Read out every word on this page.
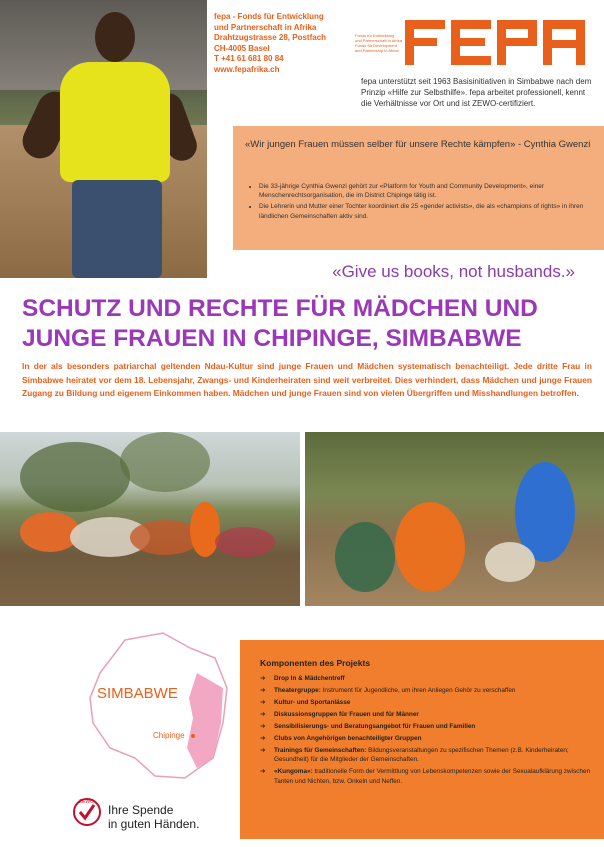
fepa - Fonds für Entwicklung
und Partnerschaft in Afrika
Drahtzugstrasse 28, Postfach
CH-4005 Basel
T +41 61 681 80 84
www.fepafrika.ch
Fonds für Entwicklung
und Partnerschaft in Afrika
Fondo für Development
and Partnership in Africa
fepa unterstützt seit 1963 Basisinitiativen in Simbabwe nach dem Prinzip «Hilfe zur Selbsthilfe». fepa arbeitet professionell, kennt die Verhältnisse vor Ort und ist ZEWO-certifiziert.
«Wir jungen Frauen müssen selber für unsere Rechte kämpfen» - Cynthia Gwenzi
• Die 33-jährige Cynthia Gwenzi gehört zur «Platform for Youth and Community Development», einer Menschenrechtsorganisation, die im District Chipinge tätig ist.
• Die Lehrerin und Mutter einer Tochter koordiniert die 25 «gender activists», die als «champions of rights» in ihren ländlichen Gemeinschaften aktiv sind.
«Give us books, not husbands.»
SCHUTZ UND RECHTE FÜR MÄDCHEN UND
JUNGE FRAUEN IN CHIPINGE, SIMBABWE
In der als besonders patriarchal geltenden Ndau-Kultur sind junge Frauen und Mädchen systematisch benachteiligt. Jede dritte Frau in Simbabwe heiratet vor dem 18. Lebensjahr, Zwangs- und Kinderheiraten sind weit verbreitet. Dies verhindert, dass Mädchen und junge Frauen Zugang zu Bildung und eigenem Einkommen haben. Mädchen und junge Frauen sind von vielen Übergriffen und Misshandlungen betroffen.
SIMBABWE
Chipinge
ZEWO
Ihre Spende
in guten Händen.
Komponenten des Projekts
➜ Drop In & Mädchentreff
➜ Theatergruppe: Instrument für Jugendliche, um ihren Anliegen Gehör zu verschaffen
➜ Kultur- und Sportanlässe
➜ Diskussionsgruppen für Frauen und für Männer
➜ Sensibilisierungs- und Beratungsangebot für Frauen und Familien
➜ Clubs von Angehörigen benachteiligter Gruppen
➜ Trainings für Gemeinschaften: Bildungsveranstaltungen zu spezifischen Themen (z.B. Kinderheiraten; Gesundheit) für die Mitglieder der Gemeinschaften.
➜ «Kungoma»: traditionelle Form der Vermittlung von Lebenskompetenzen sowie der Sexualaufklärung zwischen Tanten und Nichten, bzw. Onkeln und Neffen.
